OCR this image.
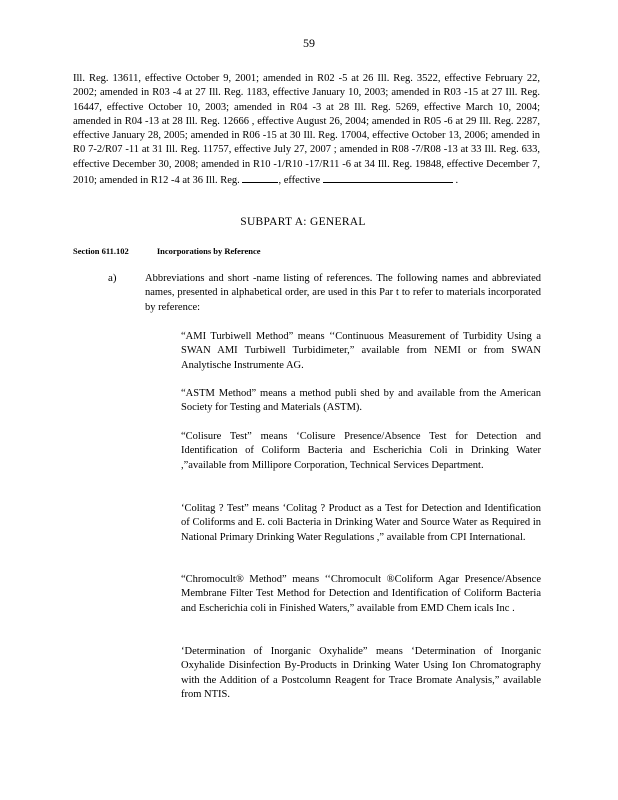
59
Ill. Reg. 13611, effective October 9, 2001; amended in R02 -5 at 26 Ill. Reg. 3522, effective February 22, 2002; amended in R03 -4 at 27 Ill. Reg. 1183, effective January 10, 2003; amended in R03 -15 at 27 Ill. Reg. 16447, effective October 10, 2003; amended in R04 -3 at 28 Ill. Reg. 5269, effective March 10, 2004; amended in R04 -13 at 28 Ill. Reg. 12666 , effective August 26, 2004; amended in R05 -6 at 29 Ill. Reg. 2287, effective January 28, 2005; amended in R06 -15 at 30 Ill. Reg. 17004, effective October 13, 2006; amended in R0 7-2/R07 -11 at 31 Ill. Reg. 11757, effective July 27, 2007 ; amended in R08 -7/R08 -13 at 33 Ill. Reg. 633, effective December 30, 2008; amended in R10 -1/R10 -17/R11 -6 at 34 Ill. Reg. 19848, effective December 7, 2010; amended in R12 -4 at 36 Ill. Reg.	, effective	.
SUBPART A: GENERAL
Section 611.102	Incorporations by Reference
a)	Abbreviations and short -name listing of references. The following names and abbreviated names, presented in alphabetical order, are used in this Par t to refer to materials incorporated by reference:

“AMI Turbiwell Method” means ‘‘Continuous Measurement of Turbidity Using a SWAN AMI Turbiwell Turbidimeter,” available from NEMI or from SWAN Analytische Instrumente AG.

“ASTM Method” means a method publi shed by and available from the American Society for Testing and Materials (ASTM).

“Colisure Test” means ‘Colisure Presence/Absence Test for Detection and Identification of Coliform Bacteria and Escherichia Coli in Drinking Water ,”available from Millipore Corporation, Technical Services Department.

‘Colitag ? Test” means ‘Colitag ? Product as a Test for Detection and Identification of Coliforms and E. coli Bacteria in Drinking Water and Source Water as Required in National Primary Drinking Water Regulations ,” available from CPI International.

“Chromocult® Method” means ‘‘Chromocult ®Coliform Agar Presence/Absence Membrane Filter Test Method for Detection and Identification of Coliform Bacteria and Escherichia coli in Finished Waters,” available from EMD Chem icals Inc .

‘Determination of Inorganic Oxyhalide” means ‘Determination of Inorganic Oxyhalide Disinfection By-Products in Drinking Water Using Ion Chromatography with the Addition of a Postcolumn Reagent for Trace Bromate Analysis,” available from NTIS.
